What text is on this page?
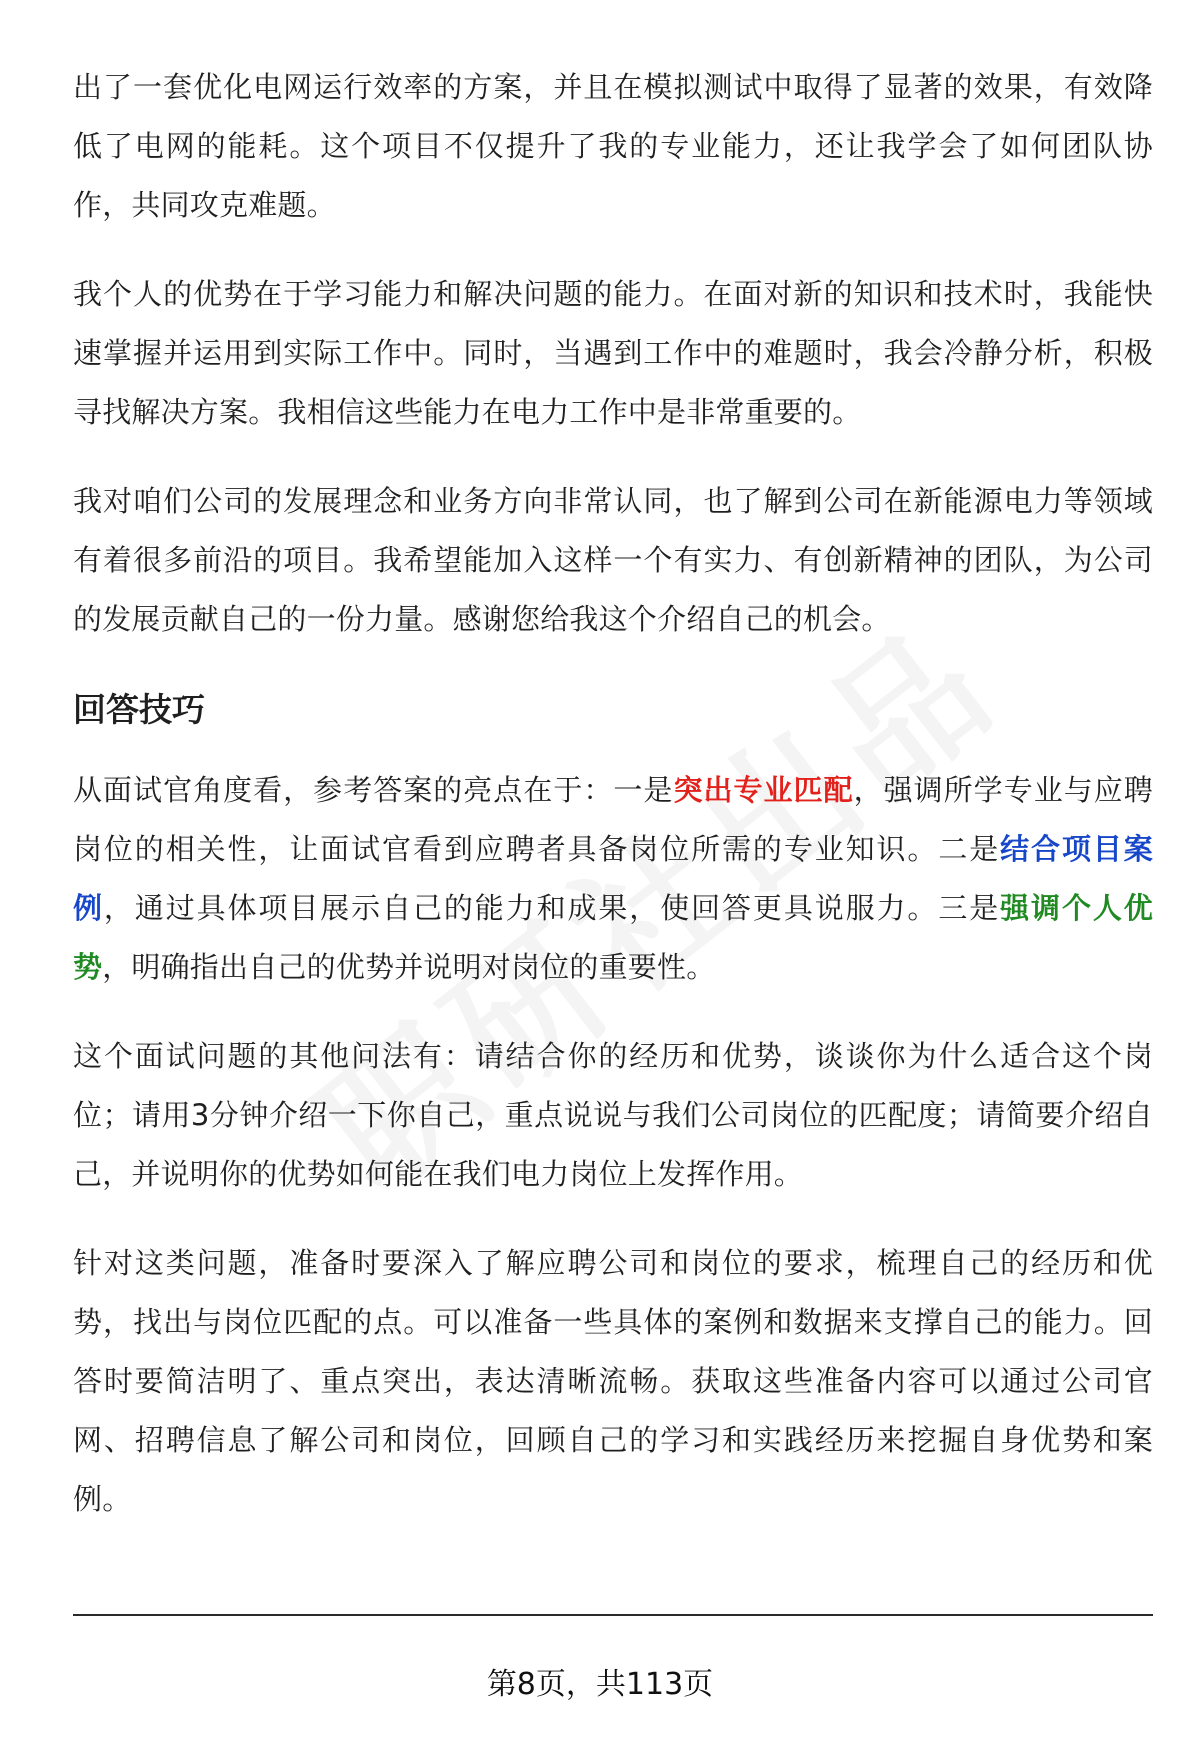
出了一套优化电网运行效率的方案，并且在模拟测试中取得了显著的效果，有效降低了电网的能耗。这个项目不仅提升了我的专业能力，还让我学会了如何团队协作，共同攻克难题。

我个人的优势在于学习能力和解决问题的能力。在面对新的知识和技术时，我能快速掌握并运用到实际工作中。同时，当遇到工作中的难题时，我会冷静分析，积极寻找解决方案。我相信这些能力在电力工作中是非常重要的。

我对咱们公司的发展理念和业务方向非常认同，也了解到公司在新能源电力等领域有着很多前沿的项目。我希望能加入这样一个有实力、有创新精神的团队，为公司的发展贡献自己的一份力量。感谢您给我这个介绍自己的机会。

回答技巧

从面试官角度看，参考答案的亮点在于：一是突出专业匹配，强调所学专业与应聘岗位的相关性，让面试官看到应聘者具备岗位所需的专业知识。二是结合项目案例，通过具体项目展示自己的能力和成果，使回答更具说服力。三是强调个人优势，明确指出自己的优势并说明对岗位的重要性。

这个面试问题的其他问法有：请结合你的经历和优势，谈谈你为什么适合这个岗位；请用3分钟介绍一下你自己，重点说说与我们公司岗位的匹配度；请简要介绍自己，并说明你的优势如何能在我们电力岗位上发挥作用。

针对这类问题，准备时要深入了解应聘公司和岗位的要求，梳理自己的经历和优势，找出与岗位匹配的点。可以准备一些具体的案例和数据来支撑自己的能力。回答时要简洁明了、重点突出，表达清晰流畅。获取这些准备内容可以通过公司官网、招聘信息了解公司和岗位，回顾自己的学习和实践经历来挖掘自身优势和案例。

第8页，共113页
